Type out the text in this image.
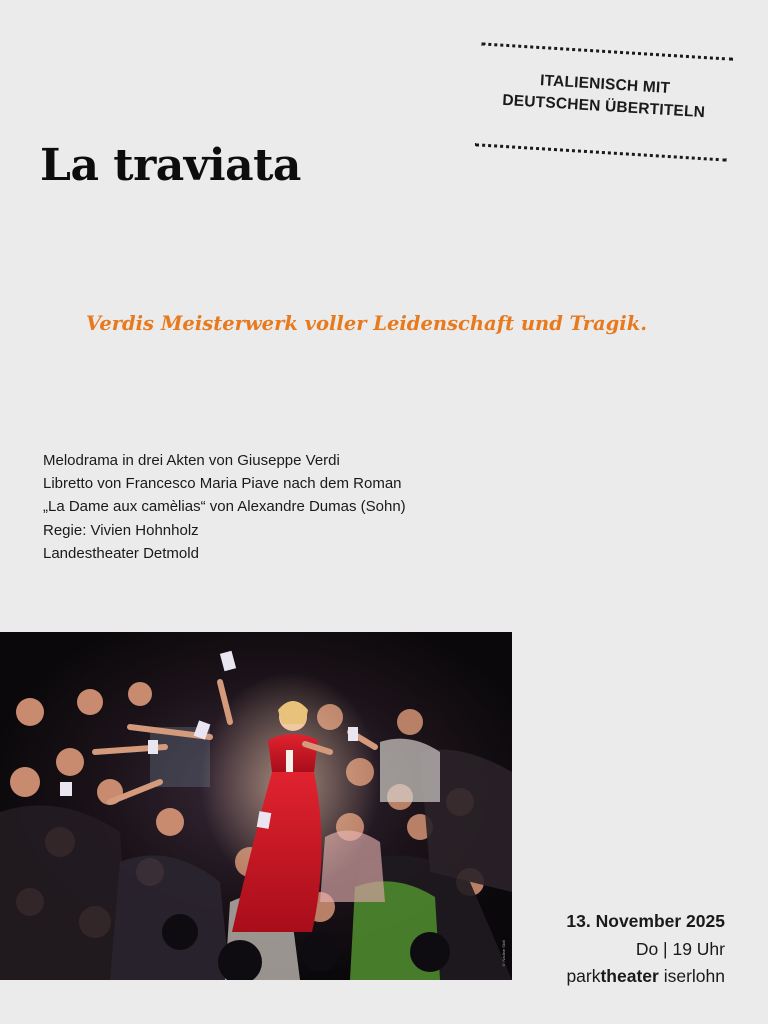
ITALIENISCH MIT
DEUTSCHEN ÜBERTITELN
La traviata

Verdis Meisterwerk voller Leidenschaft und Tragik.

Melodrama in drei Akten von Giuseppe Verdi
Libretto von Francesco Maria Piave nach dem Roman
„La Dame aux camèlias“ von Alexandre Dumas (Sohn)
Regie: Vivien Hohnholz
Landestheater Detmold
© Nadine Stoll
13. November 2025
Do | 19 Uhr
parktheater iserlohn
